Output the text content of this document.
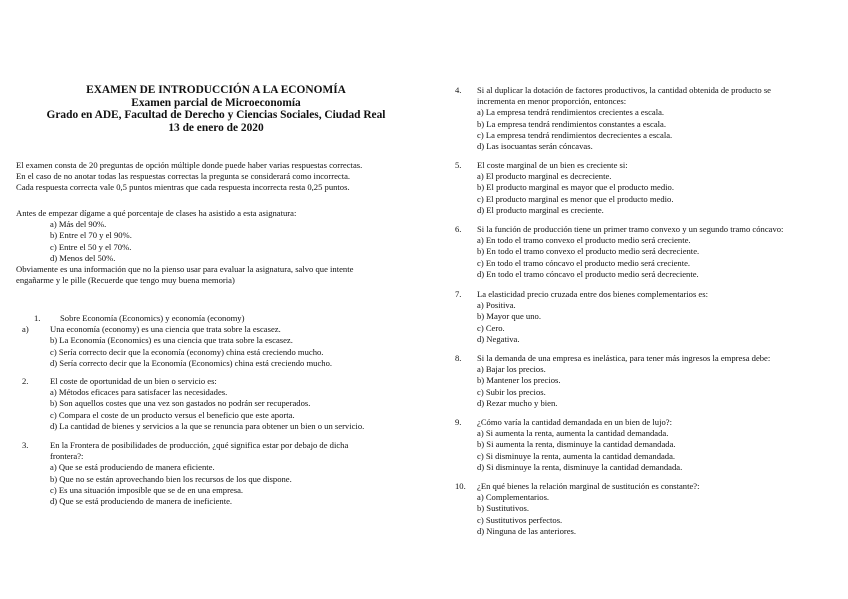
EXAMEN DE INTRODUCCIÓN A LA ECONOMÍA
Examen parcial de Microeconomía
Grado en ADE, Facultad de Derecho y Ciencias Sociales, Ciudad Real
13 de enero de 2020
El examen consta de 20 preguntas de opción múltiple donde puede haber varias respuestas correctas.
En el caso de no anotar todas las respuestas correctas la pregunta se considerará como incorrecta.
Cada respuesta correcta vale 0,5 puntos mientras que cada respuesta incorrecta resta 0,25 puntos.
Antes de empezar dígame a qué porcentaje de clases ha asistido a esta asignatura:
a) Más del 90%.
b) Entre el 70 y el 90%.
c) Entre el 50 y el 70%.
d) Menos del 50%.
Obviamente es una información que no la pienso usar para evaluar la asignatura, salvo que intente
engañarme y le pille (Recuerde que tengo muy buena memoria)
1.	Sobre Economía (Economics) y economía (economy)
a)	Una economía (economy) es una ciencia que trata sobre la escasez.
b) La Economía (Economics) es una ciencia que trata sobre la escasez.
c) Sería correcto decir que la economía (economy) china está creciendo mucho.
d) Sería correcto decir que la Economía (Economics) china está creciendo mucho.
2.	El coste de oportunidad de un bien o servicio es:
a) Métodos eficaces para satisfacer las necesidades.
b) Son aquellos costes que una vez son gastados no podrán ser recuperados.
c) Compara el coste de un producto versus el beneficio que este aporta.
d) La cantidad de bienes y servicios a la que se renuncia para obtener un bien o un servicio.
3.	En la Frontera de posibilidades de producción, ¿qué significa estar por debajo de dicha
frontera?:
a) Que se está produciendo de manera eficiente.
b) Que no se están aprovechando bien los recursos de los que dispone.
c) Es una situación imposible que se de en una empresa.
d) Que se está produciendo de manera de ineficiente.
4.	Si al duplicar la dotación de factores productivos, la cantidad obtenida de producto se
incrementa en menor proporción, entonces:
a) La empresa tendrá rendimientos crecientes a escala.
b) La empresa tendrá rendimientos constantes a escala.
c) La empresa tendrá rendimientos decrecientes a escala.
d) Las isocuantas serán cóncavas.
5.	El coste marginal de un bien es creciente si:
a) El producto marginal es decreciente.
b) El producto marginal es mayor que el producto medio.
c) El producto marginal es menor que el producto medio.
d) El producto marginal es creciente.
6.	Si la función de producción tiene un primer tramo convexo y un segundo tramo cóncavo:
a) En todo el tramo convexo el producto medio será creciente.
b) En todo el tramo convexo el producto medio será decreciente.
c) En todo el tramo cóncavo el producto medio será creciente.
d) En todo el tramo cóncavo el producto medio será decreciente.
7.	La elasticidad precio cruzada entre dos bienes complementarios es:
a) Positiva.
b) Mayor que uno.
c) Cero.
d) Negativa.
8.	Si la demanda de una empresa es inelástica, para tener más ingresos la empresa debe:
a) Bajar los precios.
b) Mantener los precios.
c) Subir los precios.
d) Rezar mucho y bien.
9.	¿Cómo varía la cantidad demandada en un bien de lujo?:
a) Si aumenta la renta, aumenta la cantidad demandada.
b) Si aumenta la renta, disminuye la cantidad demandada.
c) Si disminuye la renta, aumenta la cantidad demandada.
d) Si disminuye la renta, disminuye la cantidad demandada.
10.	¿En qué bienes la relación marginal de sustitución es constante?:
a) Complementarios.
b) Sustitutivos.
c) Sustitutivos perfectos.
d) Ninguna de las anteriores.
